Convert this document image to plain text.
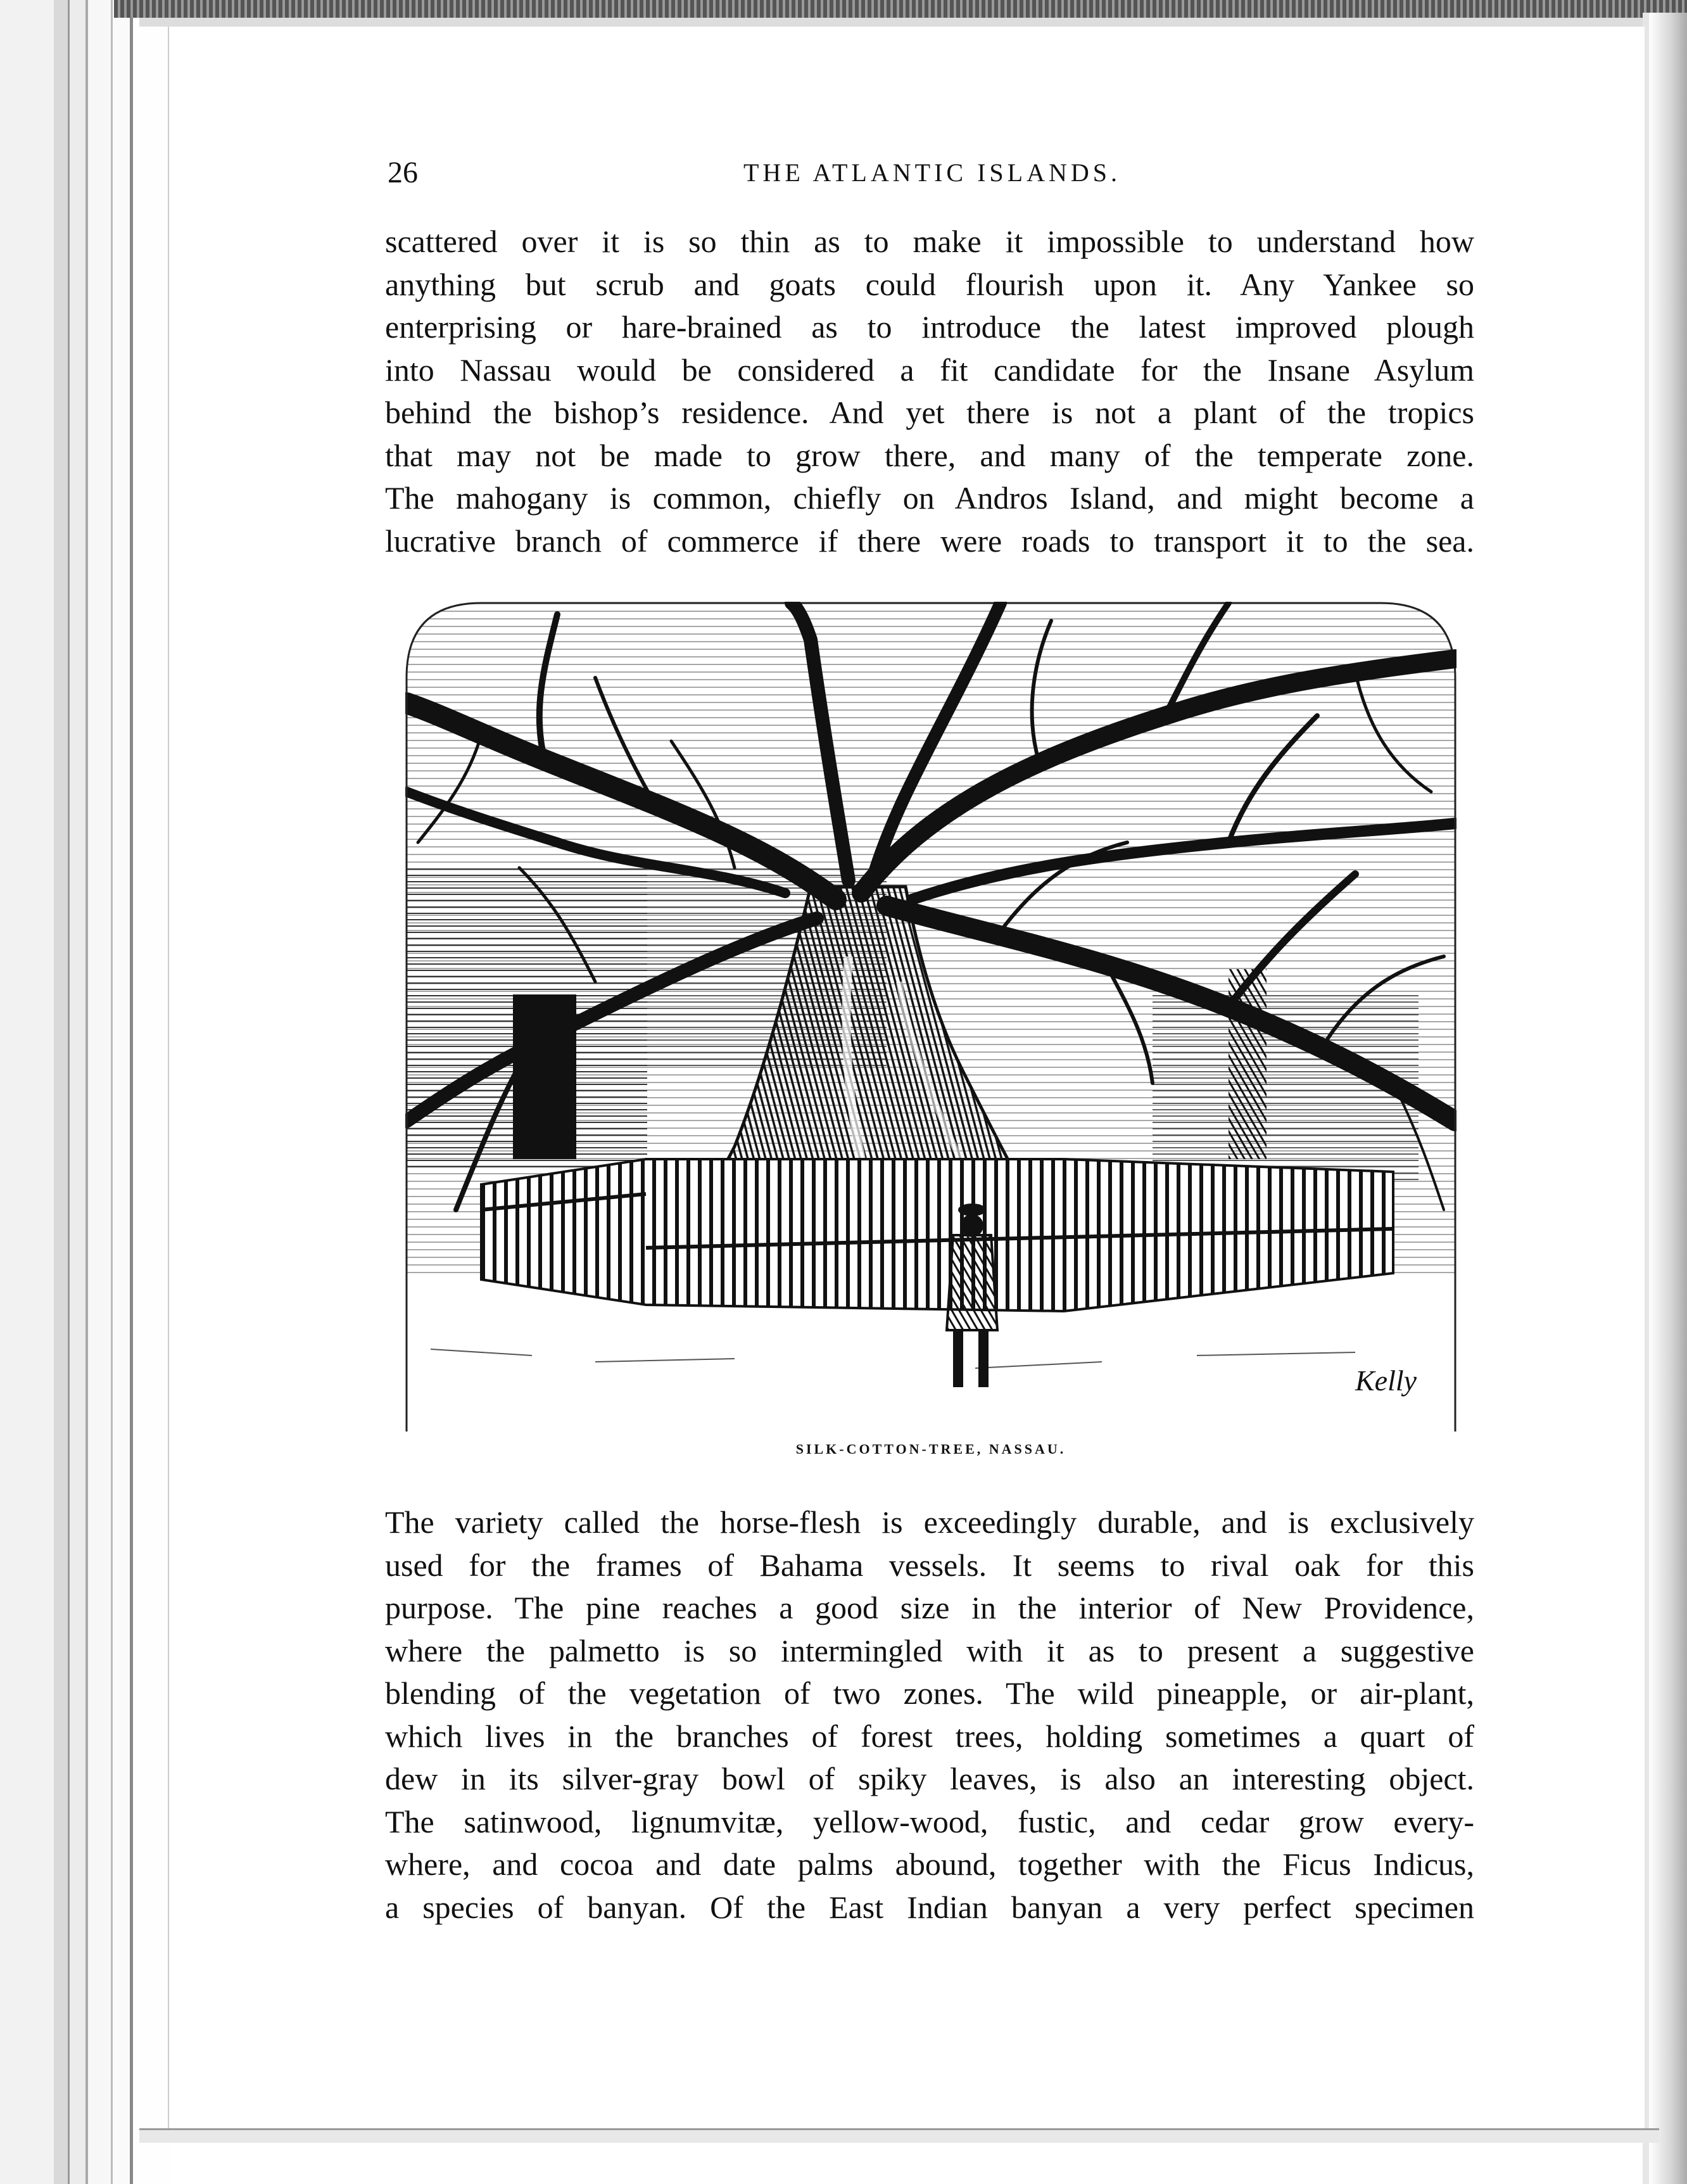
26	THE ATLANTIC ISLANDS.
scattered over it is so thin as to make it impossible to understand how
anything but scrub and goats could flourish upon it. Any Yankee so
enterprising or hare-brained as to introduce the latest improved plough
into Nassau would be considered a fit candidate for the Insane Asylum
behind the bishop’s residence. And yet there is not a plant of the tropics
that may not be made to grow there, and many of the temperate zone.
The mahogany is common, chiefly on Andros Island, and might become a
lucrative branch of commerce if there were roads to transport it to the sea.
Kelly
SILK-COTTON-TREE, NASSAU.
The variety called the horse-flesh is exceedingly durable, and is exclusively
used for the frames of Bahama vessels. It seems to rival oak for this
purpose. The pine reaches a good size in the interior of New Providence,
where the palmetto is so intermingled with it as to present a suggestive
blending of the vegetation of two zones. The wild pineapple, or air-plant,
which lives in the branches of forest trees, holding sometimes a quart of
dew in its silver-gray bowl of spiky leaves, is also an interesting object.
The satinwood, lignumvitæ, yellow-wood, fustic, and cedar grow every-
where, and cocoa and date palms abound, together with the Ficus Indicus,
a species of banyan. Of the East Indian banyan a very perfect specimen
